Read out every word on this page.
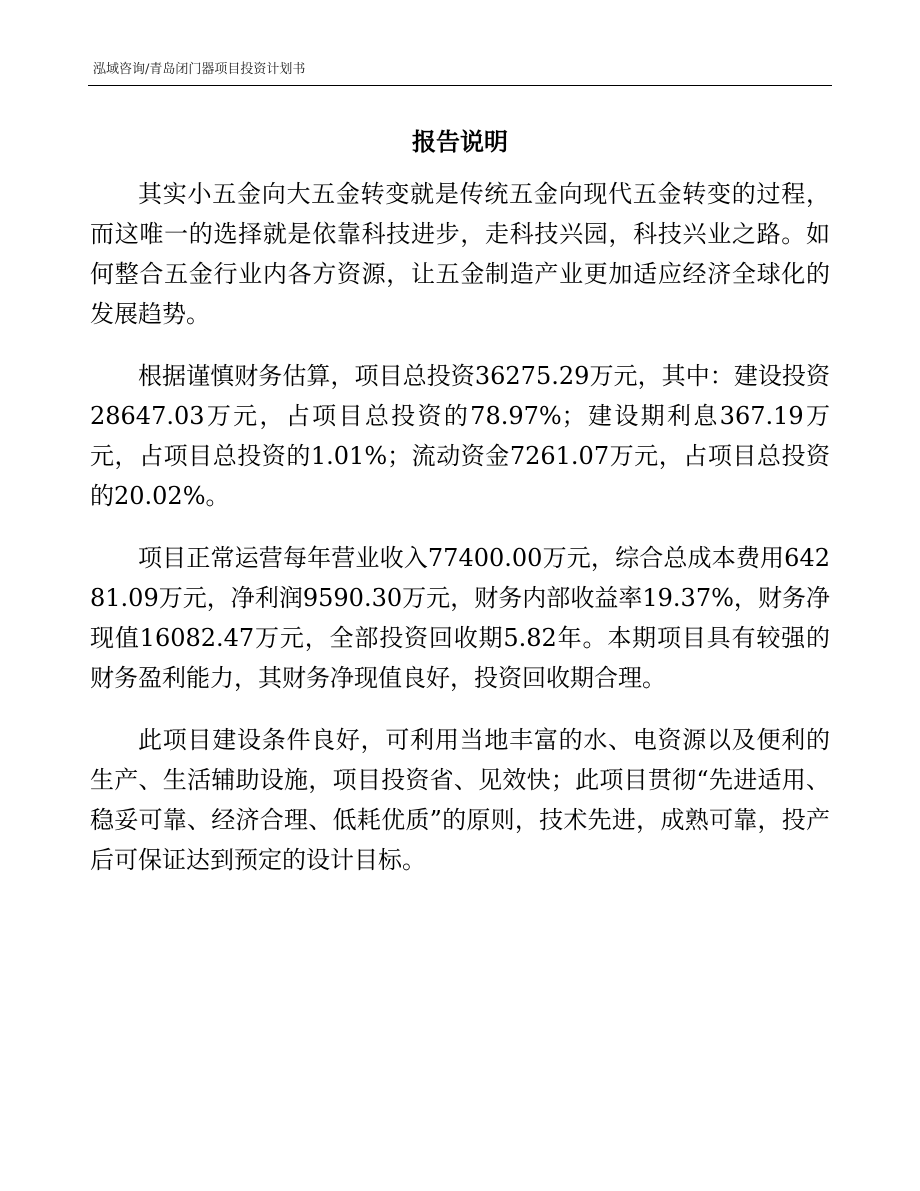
泓域咨询/青岛闭门器项目投资计划书
报告说明

其实小五金向大五金转变就是传统五金向现代五金转变的过程，而这唯一的选择就是依靠科技进步，走科技兴园，科技兴业之路。如何整合五金行业内各方资源，让五金制造产业更加适应经济全球化的发展趋势。

根据谨慎财务估算，项目总投资36275.29万元，其中：建设投资28647.03万元，占项目总投资的78.97%；建设期利息367.19万元，占项目总投资的1.01%；流动资金7261.07万元，占项目总投资的20.02%。

项目正常运营每年营业收入77400.00万元，综合总成本费用64281.09万元，净利润9590.30万元，财务内部收益率19.37%，财务净现值16082.47万元，全部投资回收期5.82年。本期项目具有较强的财务盈利能力，其财务净现值良好，投资回收期合理。

此项目建设条件良好，可利用当地丰富的水、电资源以及便利的生产、生活辅助设施，项目投资省、见效快；此项目贯彻“先进适用、稳妥可靠、经济合理、低耗优质”的原则，技术先进，成熟可靠，投产后可保证达到预定的设计目标。
